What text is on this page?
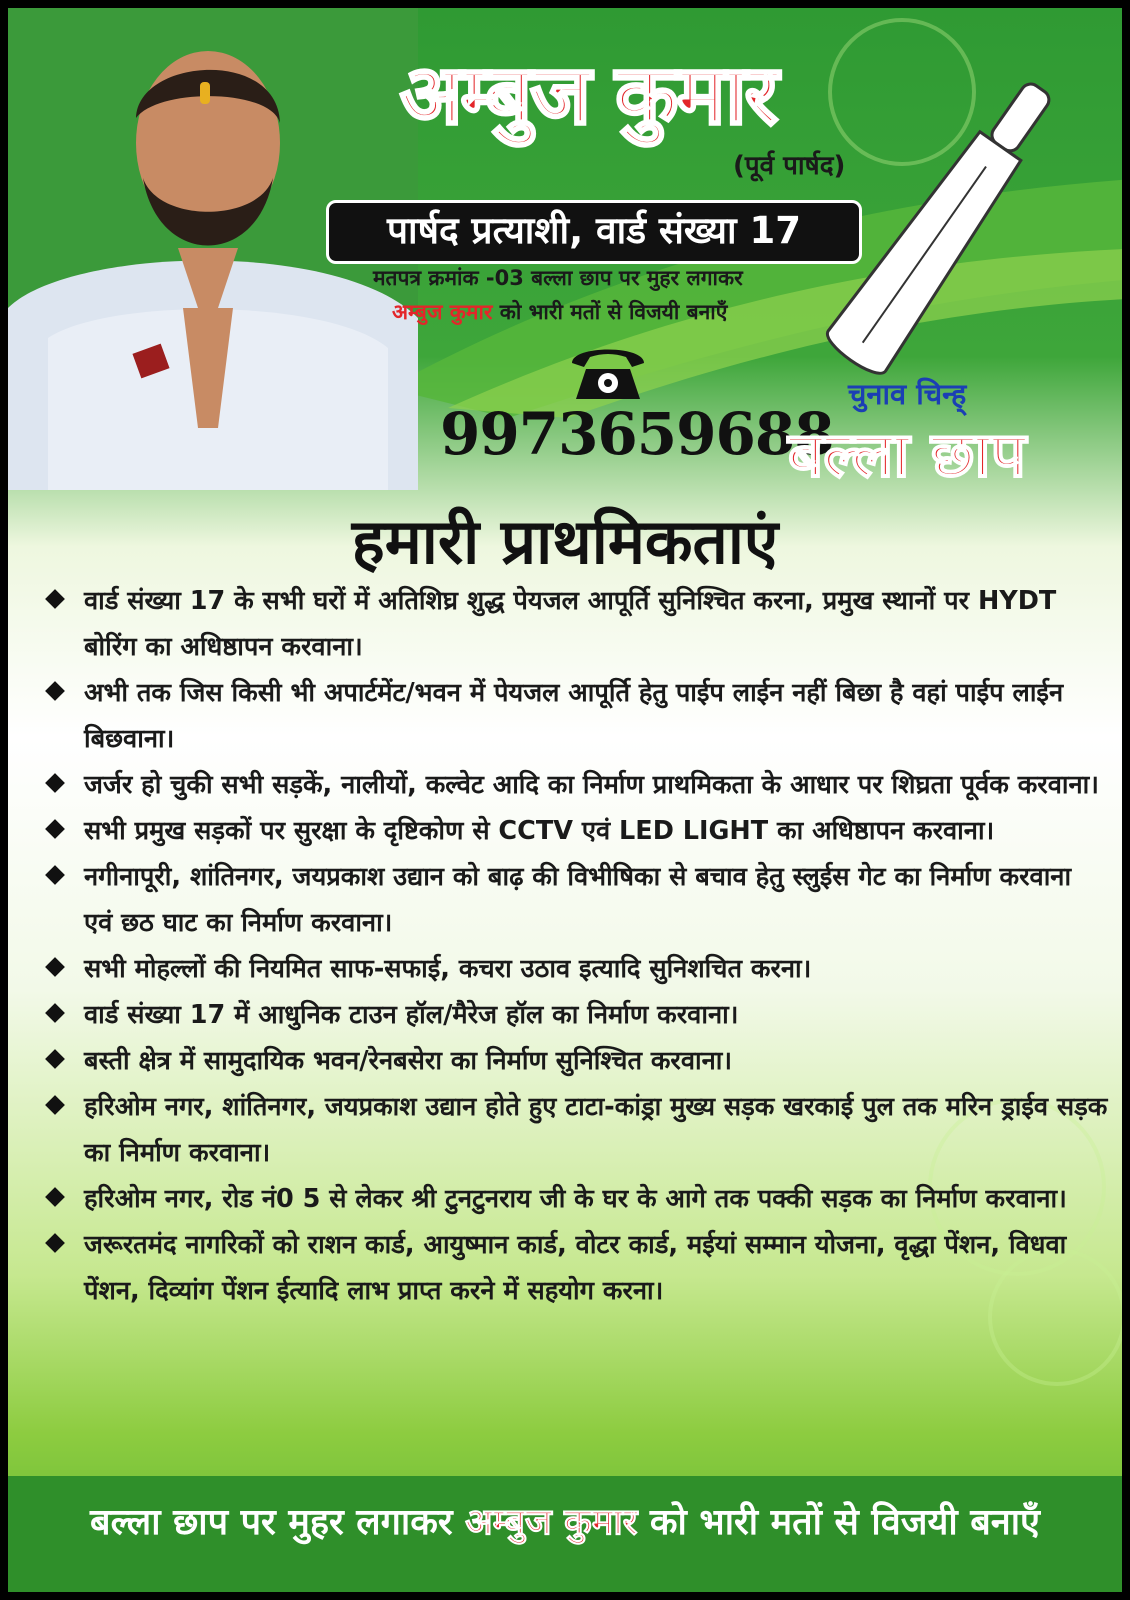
अम्बुज कुमार
(पूर्व पार्षद)
पार्षद प्रत्याशी, वार्ड संख्या 17
मतपत्र क्रमांक -03 बल्ला छाप पर मुहर लगाकर
अम्बुज कुमार को भारी मतों से विजयी बनाएँ
9973659688
चुनाव चिन्ह्
बल्ला छाप
हमारी प्राथमिकताएं
वार्ड संख्या 17 के सभी घरों में अतिशिघ्र शुद्ध पेयजल आपूर्ति सुनिश्चित करना, प्रमुख स्थानों पर HYDT बोरिंग का अधिष्ठापन करवाना।
अभी तक जिस किसी भी अपार्टमेंट/भवन में पेयजल आपूर्ति हेतु पाईप लाईन नहीं बिछा है वहां पाईप लाईन बिछवाना।
जर्जर हो चुकी सभी सड़कें, नालीयों, कल्वेट आदि का निर्माण प्राथमिकता के आधार पर शिघ्रता पूर्वक करवाना।
सभी प्रमुख सड़कों पर सुरक्षा के दृष्टिकोण से CCTV एवं LED LIGHT का अधिष्ठापन करवाना।
नगीनापूरी, शांतिनगर, जयप्रकाश उद्यान को बाढ़ की विभीषिका से बचाव हेतु स्लुईस गेट का निर्माण करवाना एवं छठ घाट का निर्माण करवाना।
सभी मोहल्लों की नियमित साफ-सफाई, कचरा उठाव इत्यादि सुनिशचित करना।
वार्ड संख्या 17 में आधुनिक टाउन हॉल/मैरेज हॉल का निर्माण करवाना।
बस्ती क्षेत्र में सामुदायिक भवन/रेनबसेरा का निर्माण सुनिश्चित करवाना।
हरिओम नगर, शांतिनगर, जयप्रकाश उद्यान होते हुए टाटा-कांड्रा मुख्य सड़क खरकाई पुल तक मरिन ड्राईव सड़क का निर्माण करवाना।
हरिओम नगर, रोड नं0 5 से लेकर श्री टुनटुनराय जी के घर के आगे तक पक्की सड़क का निर्माण करवाना।
जरूरतमंद नागरिकों को राशन कार्ड, आयुष्मान कार्ड, वोटर कार्ड, मईयां सम्मान योजना, वृद्धा पेंशन, विधवा पेंशन, दिव्यांग पेंशन ईत्यादि लाभ प्राप्त करने में सहयोग करना।
बल्ला छाप पर मुहर लगाकर अम्बुज कुमार को भारी मतों से विजयी बनाएँ
